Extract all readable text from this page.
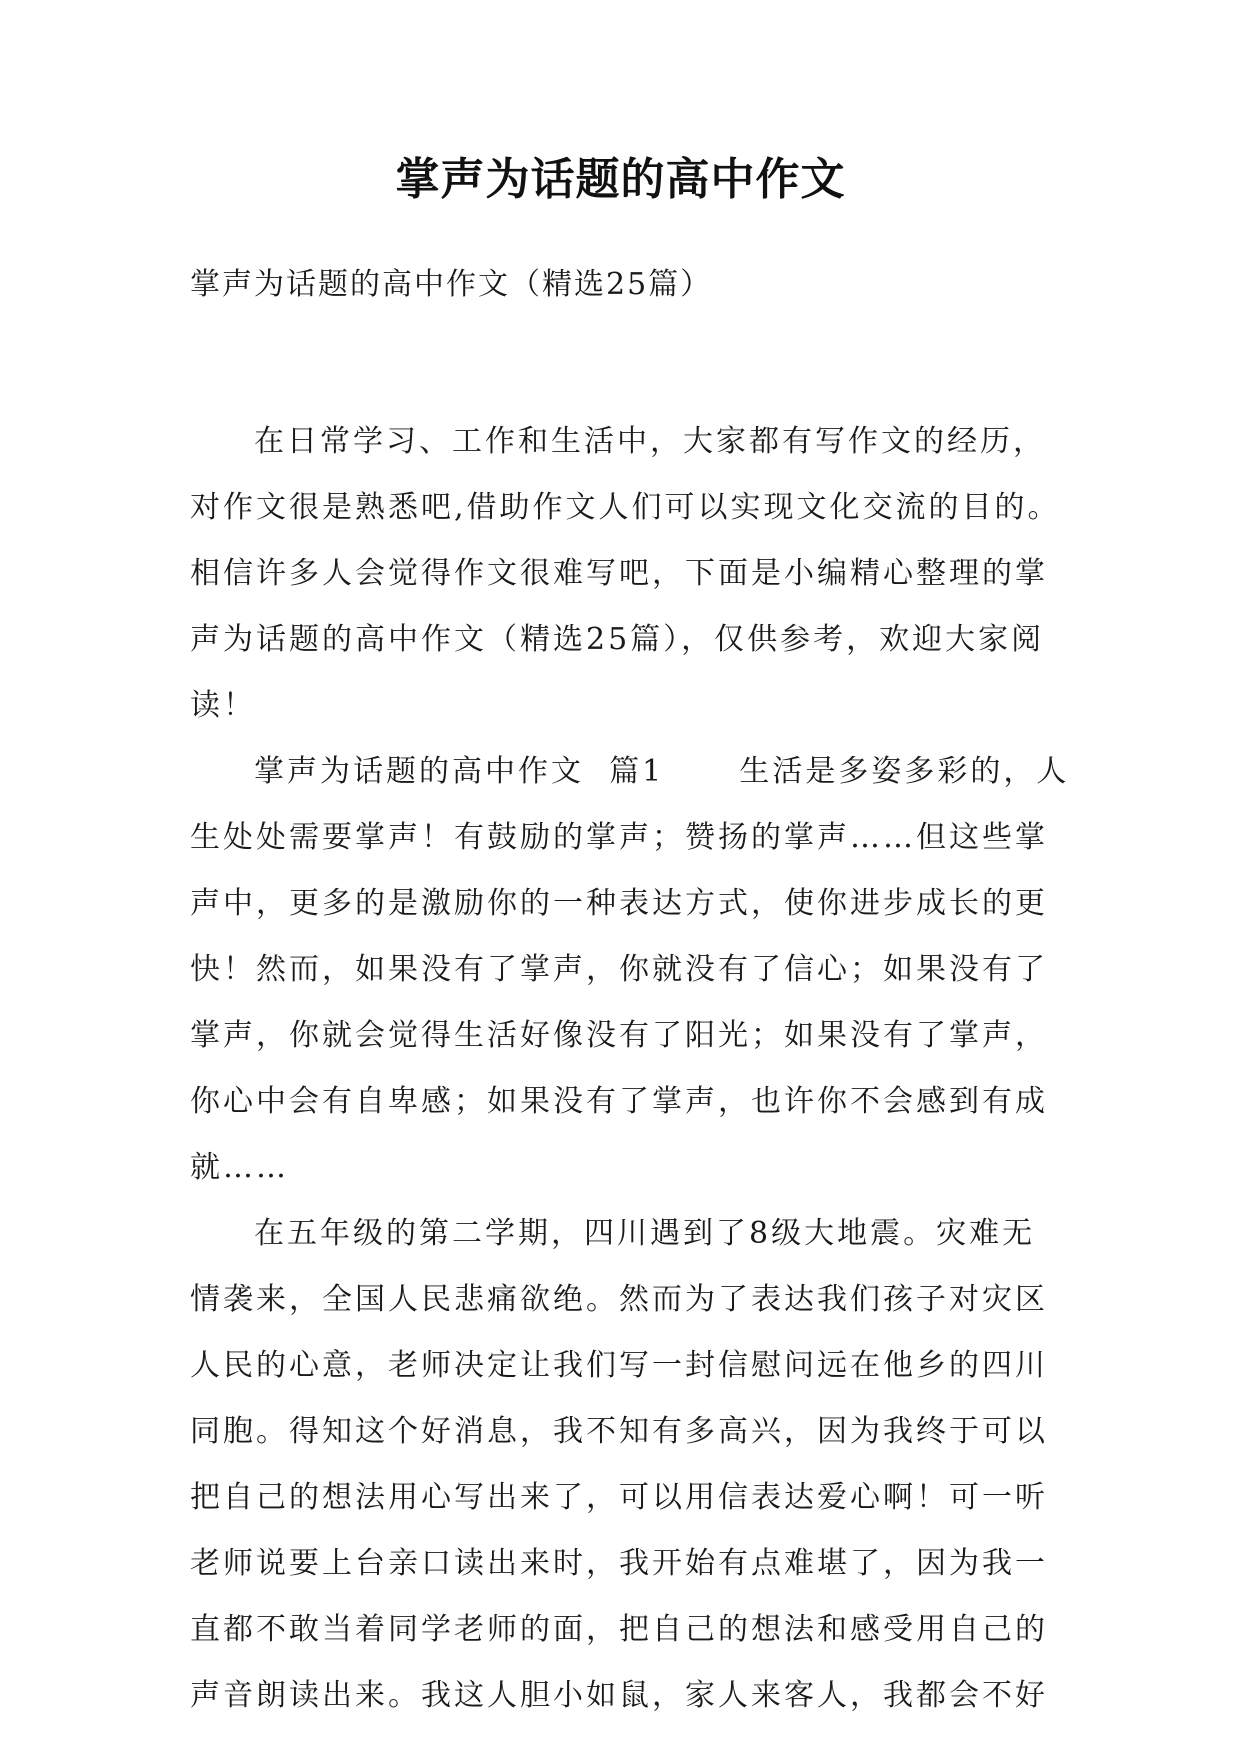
掌声为话题的高中作文
掌声为话题的高中作文（精选25篇）
在日常学习、工作和生活中，大家都有写作文的经历，
对作文很是熟悉吧,借助作文人们可以实现文化交流的目的。
相信许多人会觉得作文很难写吧，下面是小编精心整理的掌
声为话题的高中作文（精选25篇），仅供参考，欢迎大家阅
读！
掌声为话题的高中作文  篇1      生活是多姿多彩的，人
生处处需要掌声！有鼓励的掌声；赞扬的掌声……但这些掌
声中，更多的是激励你的一种表达方式，使你进步成长的更
快！然而，如果没有了掌声，你就没有了信心；如果没有了
掌声，你就会觉得生活好像没有了阳光；如果没有了掌声，
你心中会有自卑感；如果没有了掌声，也许你不会感到有成
就……
在五年级的第二学期，四川遇到了8级大地震。灾难无
情袭来，全国人民悲痛欲绝。然而为了表达我们孩子对灾区
人民的心意，老师决定让我们写一封信慰问远在他乡的四川
同胞。得知这个好消息，我不知有多高兴，因为我终于可以
把自己的想法用心写出来了，可以用信表达爱心啊！可一听
老师说要上台亲口读出来时，我开始有点难堪了，因为我一
直都不敢当着同学老师的面，把自己的想法和感受用自己的
声音朗读出来。我这人胆小如鼠，家人来客人，我都会不好
